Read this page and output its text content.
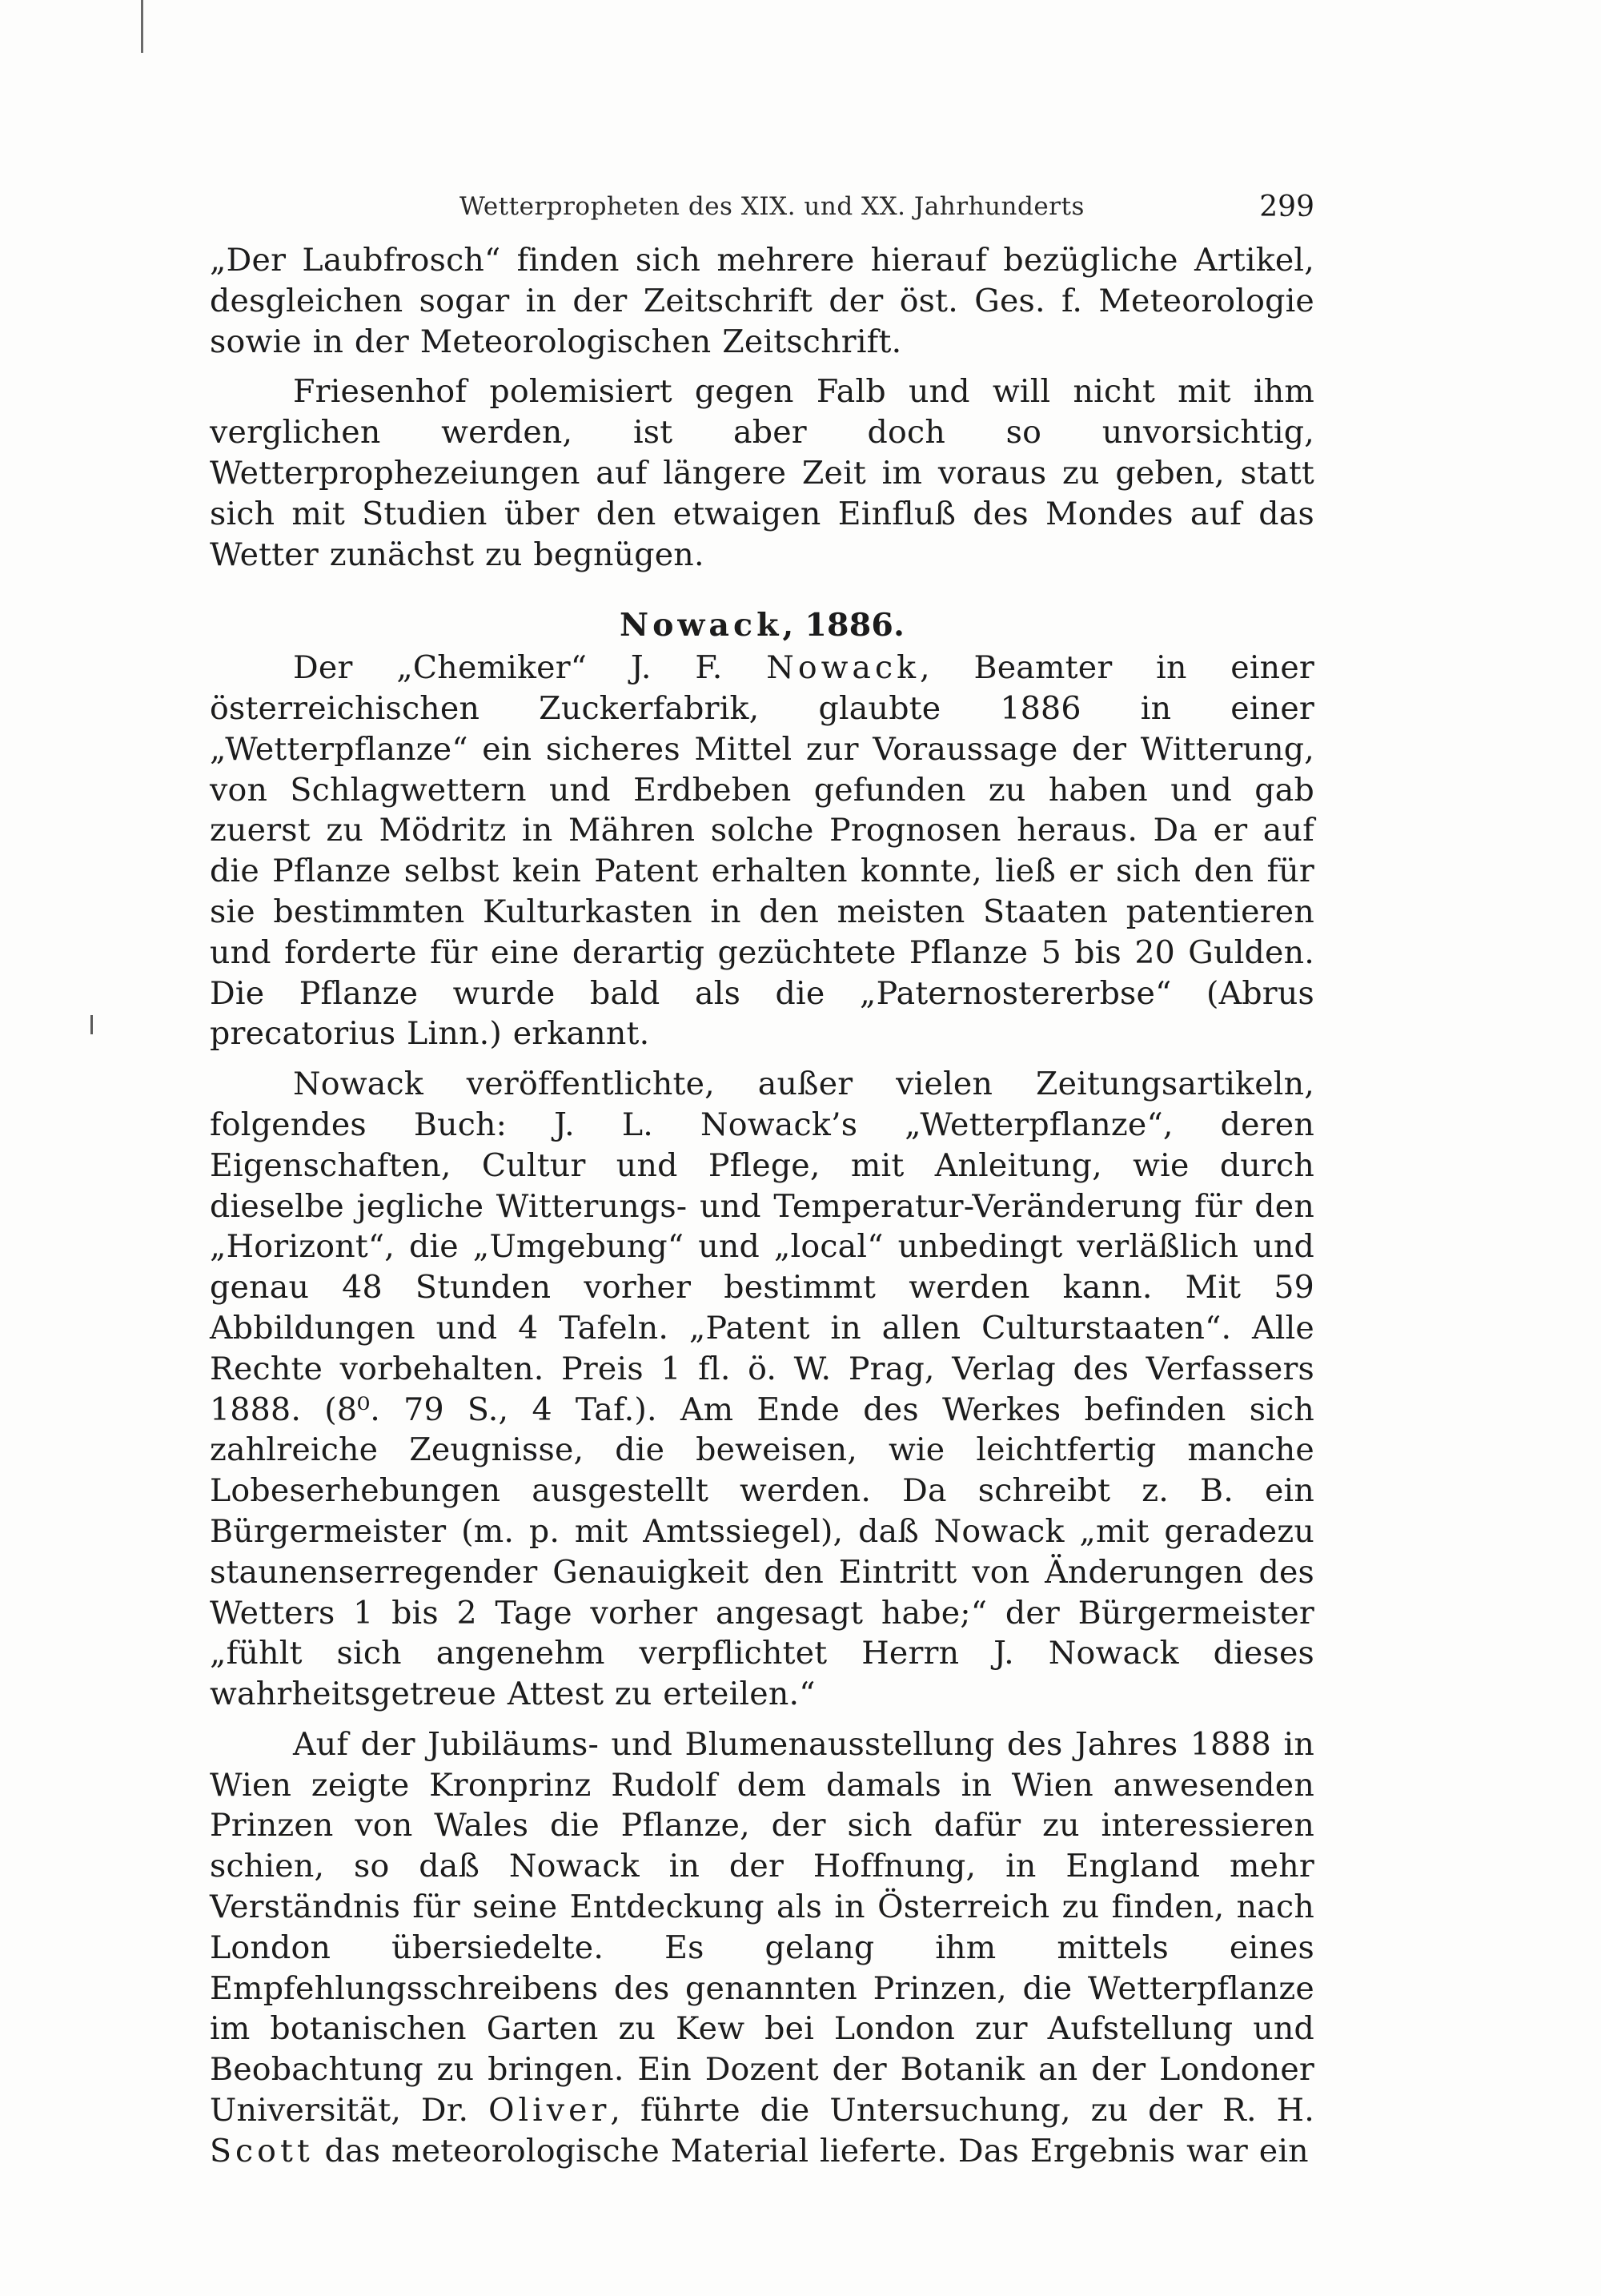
Wetterpropheten des XIX. und XX. Jahrhunderts	299

„Der Laubfrosch“ finden sich mehrere hierauf bezügliche Artikel, desgleichen sogar in der Zeitschrift der öst. Ges. f. Meteorologie sowie in der Meteorologischen Zeitschrift.

Friesenhof polemisiert gegen Falb und will nicht mit ihm verglichen werden, ist aber doch so unvorsichtig, Wetterprophezeiungen auf längere Zeit im voraus zu geben, statt sich mit Studien über den etwaigen Einfluß des Mondes auf das Wetter zunächst zu begnügen.

Nowack, 1886.

Der „Chemiker“ J. F. Nowack, Beamter in einer österreichischen Zuckerfabrik, glaubte 1886 in einer „Wetterpflanze“ ein sicheres Mittel zur Voraussage der Witterung, von Schlagwettern und Erdbeben gefunden zu haben und gab zuerst zu Mödritz in Mähren solche Prognosen heraus. Da er auf die Pflanze selbst kein Patent erhalten konnte, ließ er sich den für sie bestimmten Kulturkasten in den meisten Staaten patentieren und forderte für eine derartig gezüchtete Pflanze 5 bis 20 Gulden. Die Pflanze wurde bald als die „Paternostererbse“ (Abrus precatorius Linn.) erkannt.

Nowack veröffentlichte, außer vielen Zeitungsartikeln, folgendes Buch: J. L. Nowack’s „Wetterpflanze“, deren Eigenschaften, Cultur und Pflege, mit Anleitung, wie durch dieselbe jegliche Witterungs- und Temperatur-Veränderung für den „Horizont“, die „Umgebung“ und „local“ unbedingt verläßlich und genau 48 Stunden vorher bestimmt werden kann. Mit 59 Abbildungen und 4 Tafeln. „Patent in allen Culturstaaten“. Alle Rechte vorbehalten. Preis 1 fl. ö. W. Prag, Verlag des Verfassers 1888. (8⁰. 79 S., 4 Taf.). Am Ende des Werkes befinden sich zahlreiche Zeugnisse, die beweisen, wie leichtfertig manche Lobeserhebungen ausgestellt werden. Da schreibt z. B. ein Bürgermeister (m. p. mit Amtssiegel), daß Nowack „mit geradezu staunenserregender Genauigkeit den Eintritt von Änderungen des Wetters 1 bis 2 Tage vorher angesagt habe;“ der Bürgermeister „fühlt sich angenehm verpflichtet Herrn J. Nowack dieses wahrheitsgetreue Attest zu erteilen.“

Auf der Jubiläums- und Blumenausstellung des Jahres 1888 in Wien zeigte Kronprinz Rudolf dem damals in Wien anwesenden Prinzen von Wales die Pflanze, der sich dafür zu interessieren schien, so daß Nowack in der Hoffnung, in England mehr Verständnis für seine Entdeckung als in Österreich zu finden, nach London übersiedelte. Es gelang ihm mittels eines Empfehlungsschreibens des genannten Prinzen, die Wetterpflanze im botanischen Garten zu Kew bei London zur Aufstellung und Beobachtung zu bringen. Ein Dozent der Botanik an der Londoner Universität, Dr. Oliver, führte die Untersuchung, zu der R. H. Scott das meteorologische Material lieferte. Das Ergebnis war ein
